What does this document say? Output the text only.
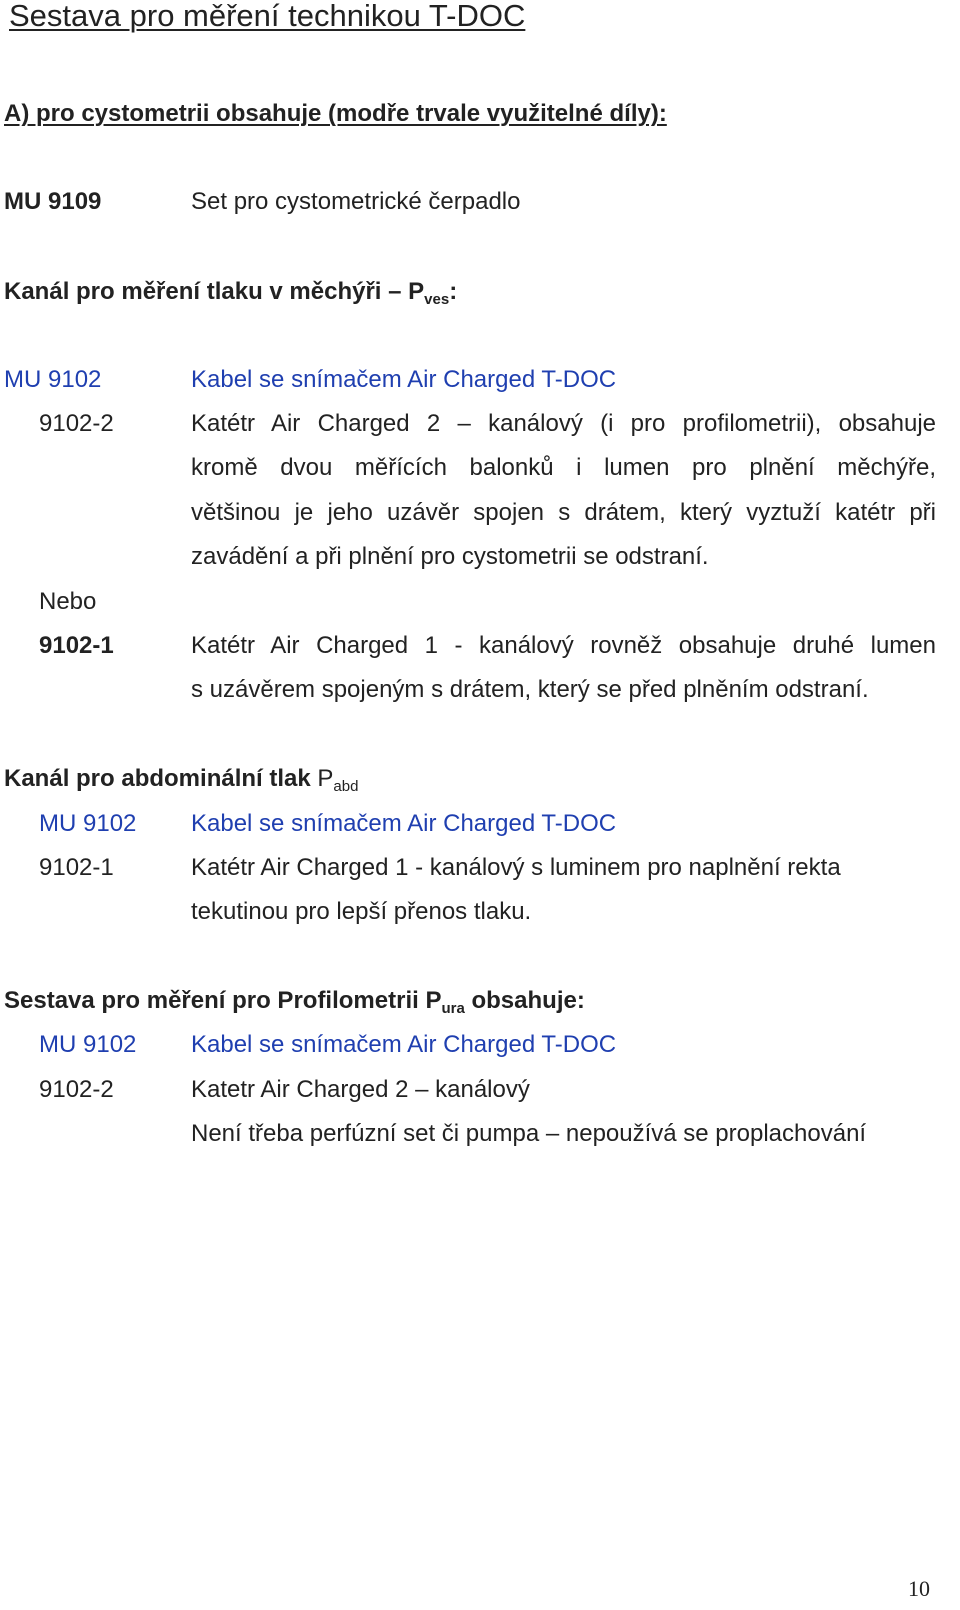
Sestava pro měření technikou T-DOC
A) pro cystometrii obsahuje (modře trvale využitelné díly):
MU 9109	Set pro cystometrické čerpadlo
Kanál pro měření tlaku v měchýři – $P_{ves}$:
MU 9102	Kabel se snímačem Air Charged T-DOC
9102-2	Katétr Air Charged 2 – kanálový (i pro profilometrii), obsahuje
kromě dvou měřících balonků i lumen pro plnění měchýře,
většinou je jeho uzávěr spojen s drátem, který vyztuží katétr při
zavádění a při plnění pro cystometrii se odstraní.
Nebo
9102-1	Katétr Air Charged 1 - kanálový rovněž obsahuje druhé lumen
s uzávěrem spojeným s drátem, který se před plněním odstraní.
Kanál pro abdominální tlak $P_{abd}$
MU 9102 Kabel se snímačem Air Charged T-DOC
9102-1	Katétr Air Charged 1 - kanálový s luminem pro naplnění rekta
tekutinou pro lepší přenos tlaku.
Sestava pro měření pro Profilometrii $P_{ura}$ obsahuje:
MU 9102 Kabel se snímačem Air Charged T-DOC
9102-2	Katetr Air Charged 2 – kanálový
Není třeba perfúzní set či pumpa – nepoužívá se proplachování
10
